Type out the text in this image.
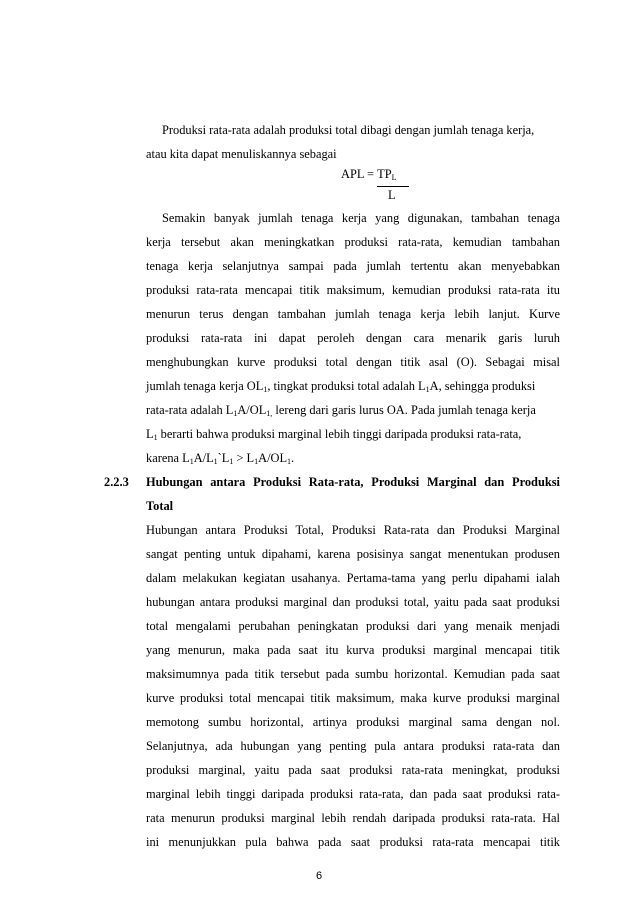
Produksi rata-rata adalah produksi total dibagi dengan jumlah tenaga kerja,
atau kita dapat menuliskannya sebagai
APL = $TP_L$
L
Semakin banyak jumlah tenaga kerja yang digunakan, tambahan tenaga
kerja tersebut akan meningkatkan produksi rata-rata, kemudian tambahan
tenaga kerja selanjutnya sampai pada jumlah tertentu akan menyebabkan
produksi rata-rata mencapai titik maksimum, kemudian produksi rata-rata itu
menurun terus dengan tambahan jumlah tenaga kerja lebih lanjut. Kurve
produksi rata-rata ini dapat peroleh dengan cara menarik garis luruh
menghubungkan kurve produksi total dengan titik asal (O). Sebagai misal
jumlah tenaga kerja $OL_1$, tingkat produksi total adalah $L_1A$, sehingga produksi
rata-rata adalah $L_1A/OL_{1,}$ lereng dari garis lurus OA. Pada jumlah tenaga kerja
$L_1$ berarti bahwa produksi marginal lebih tinggi daripada produksi rata-rata,
karena $L_1A/L_1`L_1 > L_1A/OL_1$.
2.2.3 Hubungan antara Produksi Rata-rata, Produksi Marginal dan Produksi
Total
Hubungan antara Produksi Total, Produksi Rata-rata dan Produksi Marginal
sangat penting untuk dipahami, karena posisinya sangat menentukan produsen
dalam melakukan kegiatan usahanya. Pertama-tama yang perlu dipahami ialah
hubungan antara produksi marginal dan produksi total, yaitu pada saat produksi
total mengalami perubahan peningkatan produksi dari yang menaik menjadi
yang menurun, maka pada saat itu kurva produksi marginal mencapai titik
maksimumnya pada titik tersebut pada sumbu horizontal. Kemudian pada saat
kurve produksi total mencapai titik maksimum, maka kurve produksi marginal
memotong sumbu horizontal, artinya produksi marginal sama dengan nol.
Selanjutnya, ada hubungan yang penting pula antara produksi rata-rata dan
produksi marginal, yaitu pada saat produksi rata-rata meningkat, produksi
marginal lebih tinggi daripada produksi rata-rata, dan pada saat produksi rata-
rata menurun produksi marginal lebih rendah daripada produksi rata-rata. Hal
ini menunjukkan pula bahwa pada saat produksi rata-rata mencapai titik
6
